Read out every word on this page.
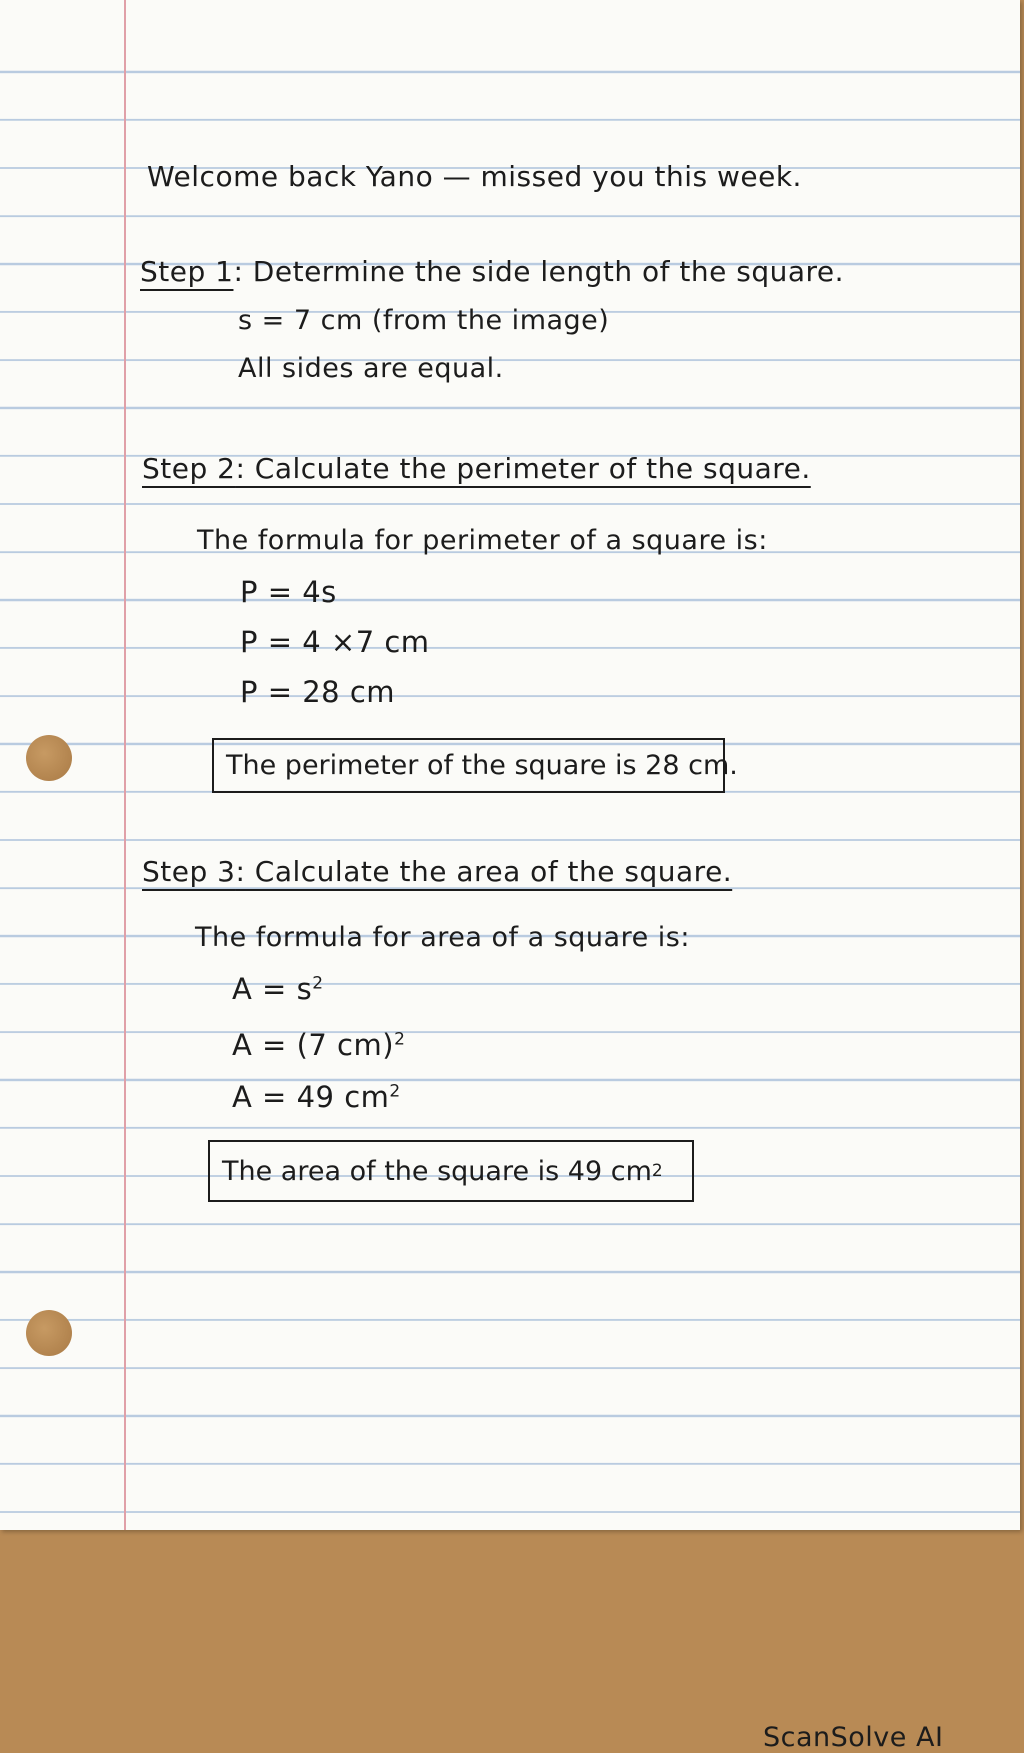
Welcome back Yano — missed you this week.
Step 1: Determine the side length of the square.
s = 7 cm (from the image)
All sides are equal.
Step 2: Calculate the perimeter of the square.
The formula for perimeter of a square is:
P = 4s
P = 4 ×7 cm
P = 28 cm
The perimeter of the square is 28 cm.
Step 3: Calculate the area of the square.
The formula for area of a square is:
$A = s^2$
A = (7 cm)$^2$
A = 49 $cm^2$
The area of the square is 49 cm 2
ScanSolve AI
